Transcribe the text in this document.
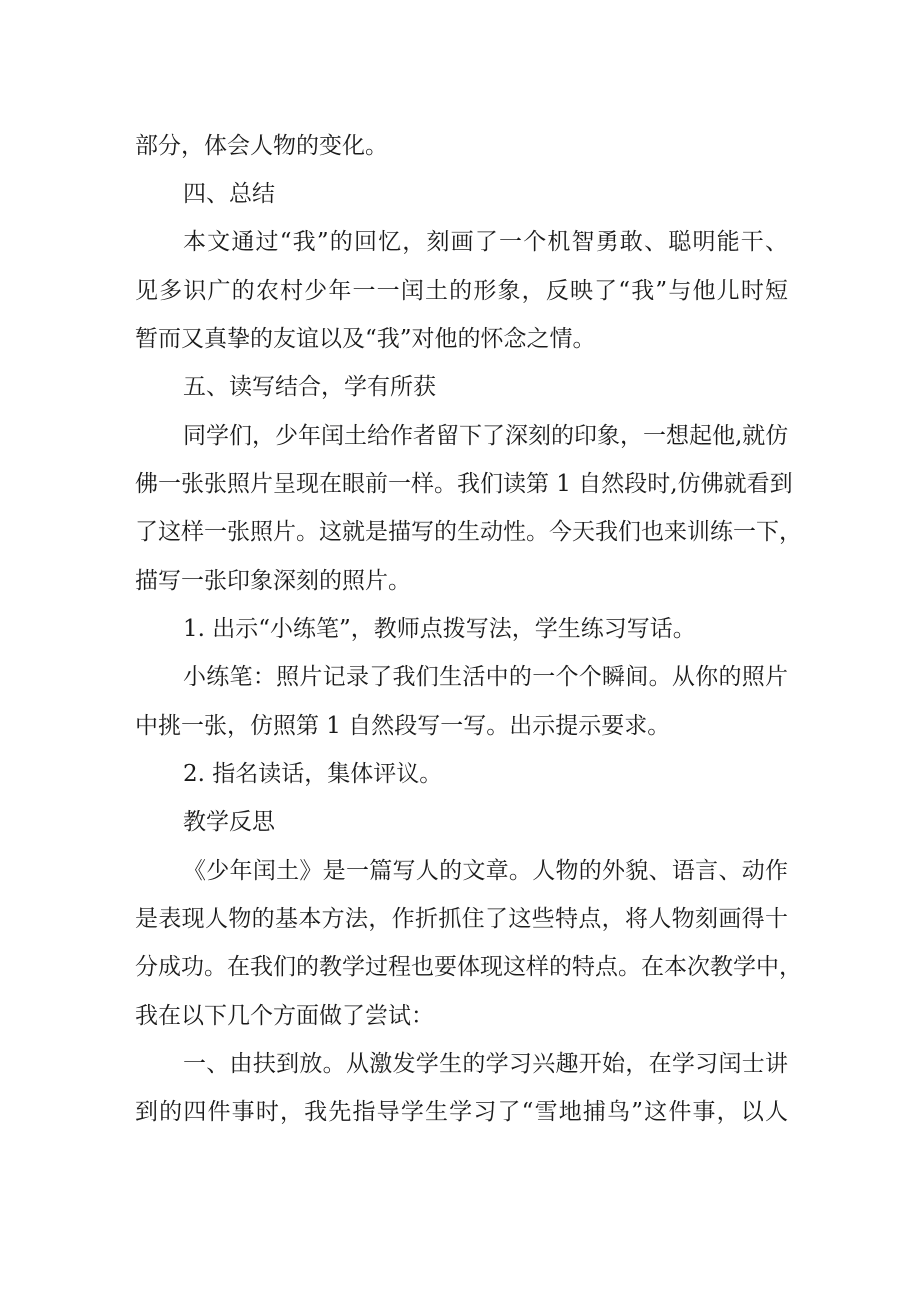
部分，体会人物的变化。
四、总结
本文通过“我”的回忆，刻画了一个机智勇敢、聪明能干、
见多识广的农村少年一一闰土的形象，反映了“我”与他儿时短
暂而又真挚的友谊以及“我”对他的怀念之情。
五、读写结合，学有所获
同学们，少年闰土给作者留下了深刻的印象，一想起他,就仿
佛一张张照片呈现在眼前一样。我们读第 1 自然段时,仿佛就看到
了这样一张照片。这就是描写的生动性。今天我们也来训练一下，
描写一张印象深刻的照片。
1. 出示“小练笔”，教师点拨写法，学生练习写话。
小练笔：照片记录了我们生活中的一个个瞬间。从你的照片
中挑一张，仿照第 1 自然段写一写。出示提示要求。
2. 指名读话，集体评议。
教学反思
《少年闰土》是一篇写人的文章。人物的外貌、语言、动作
是表现人物的基本方法，作折抓住了这些特点，将人物刻画得十
分成功。在我们的教学过程也要体现这样的特点。在本次教学中，
我在以下几个方面做了尝试：
一、由扶到放。从激发学生的学习兴趣开始，在学习闰士讲
到的四件事时，我先指导学生学习了“雪地捕鸟”这件事，以人
